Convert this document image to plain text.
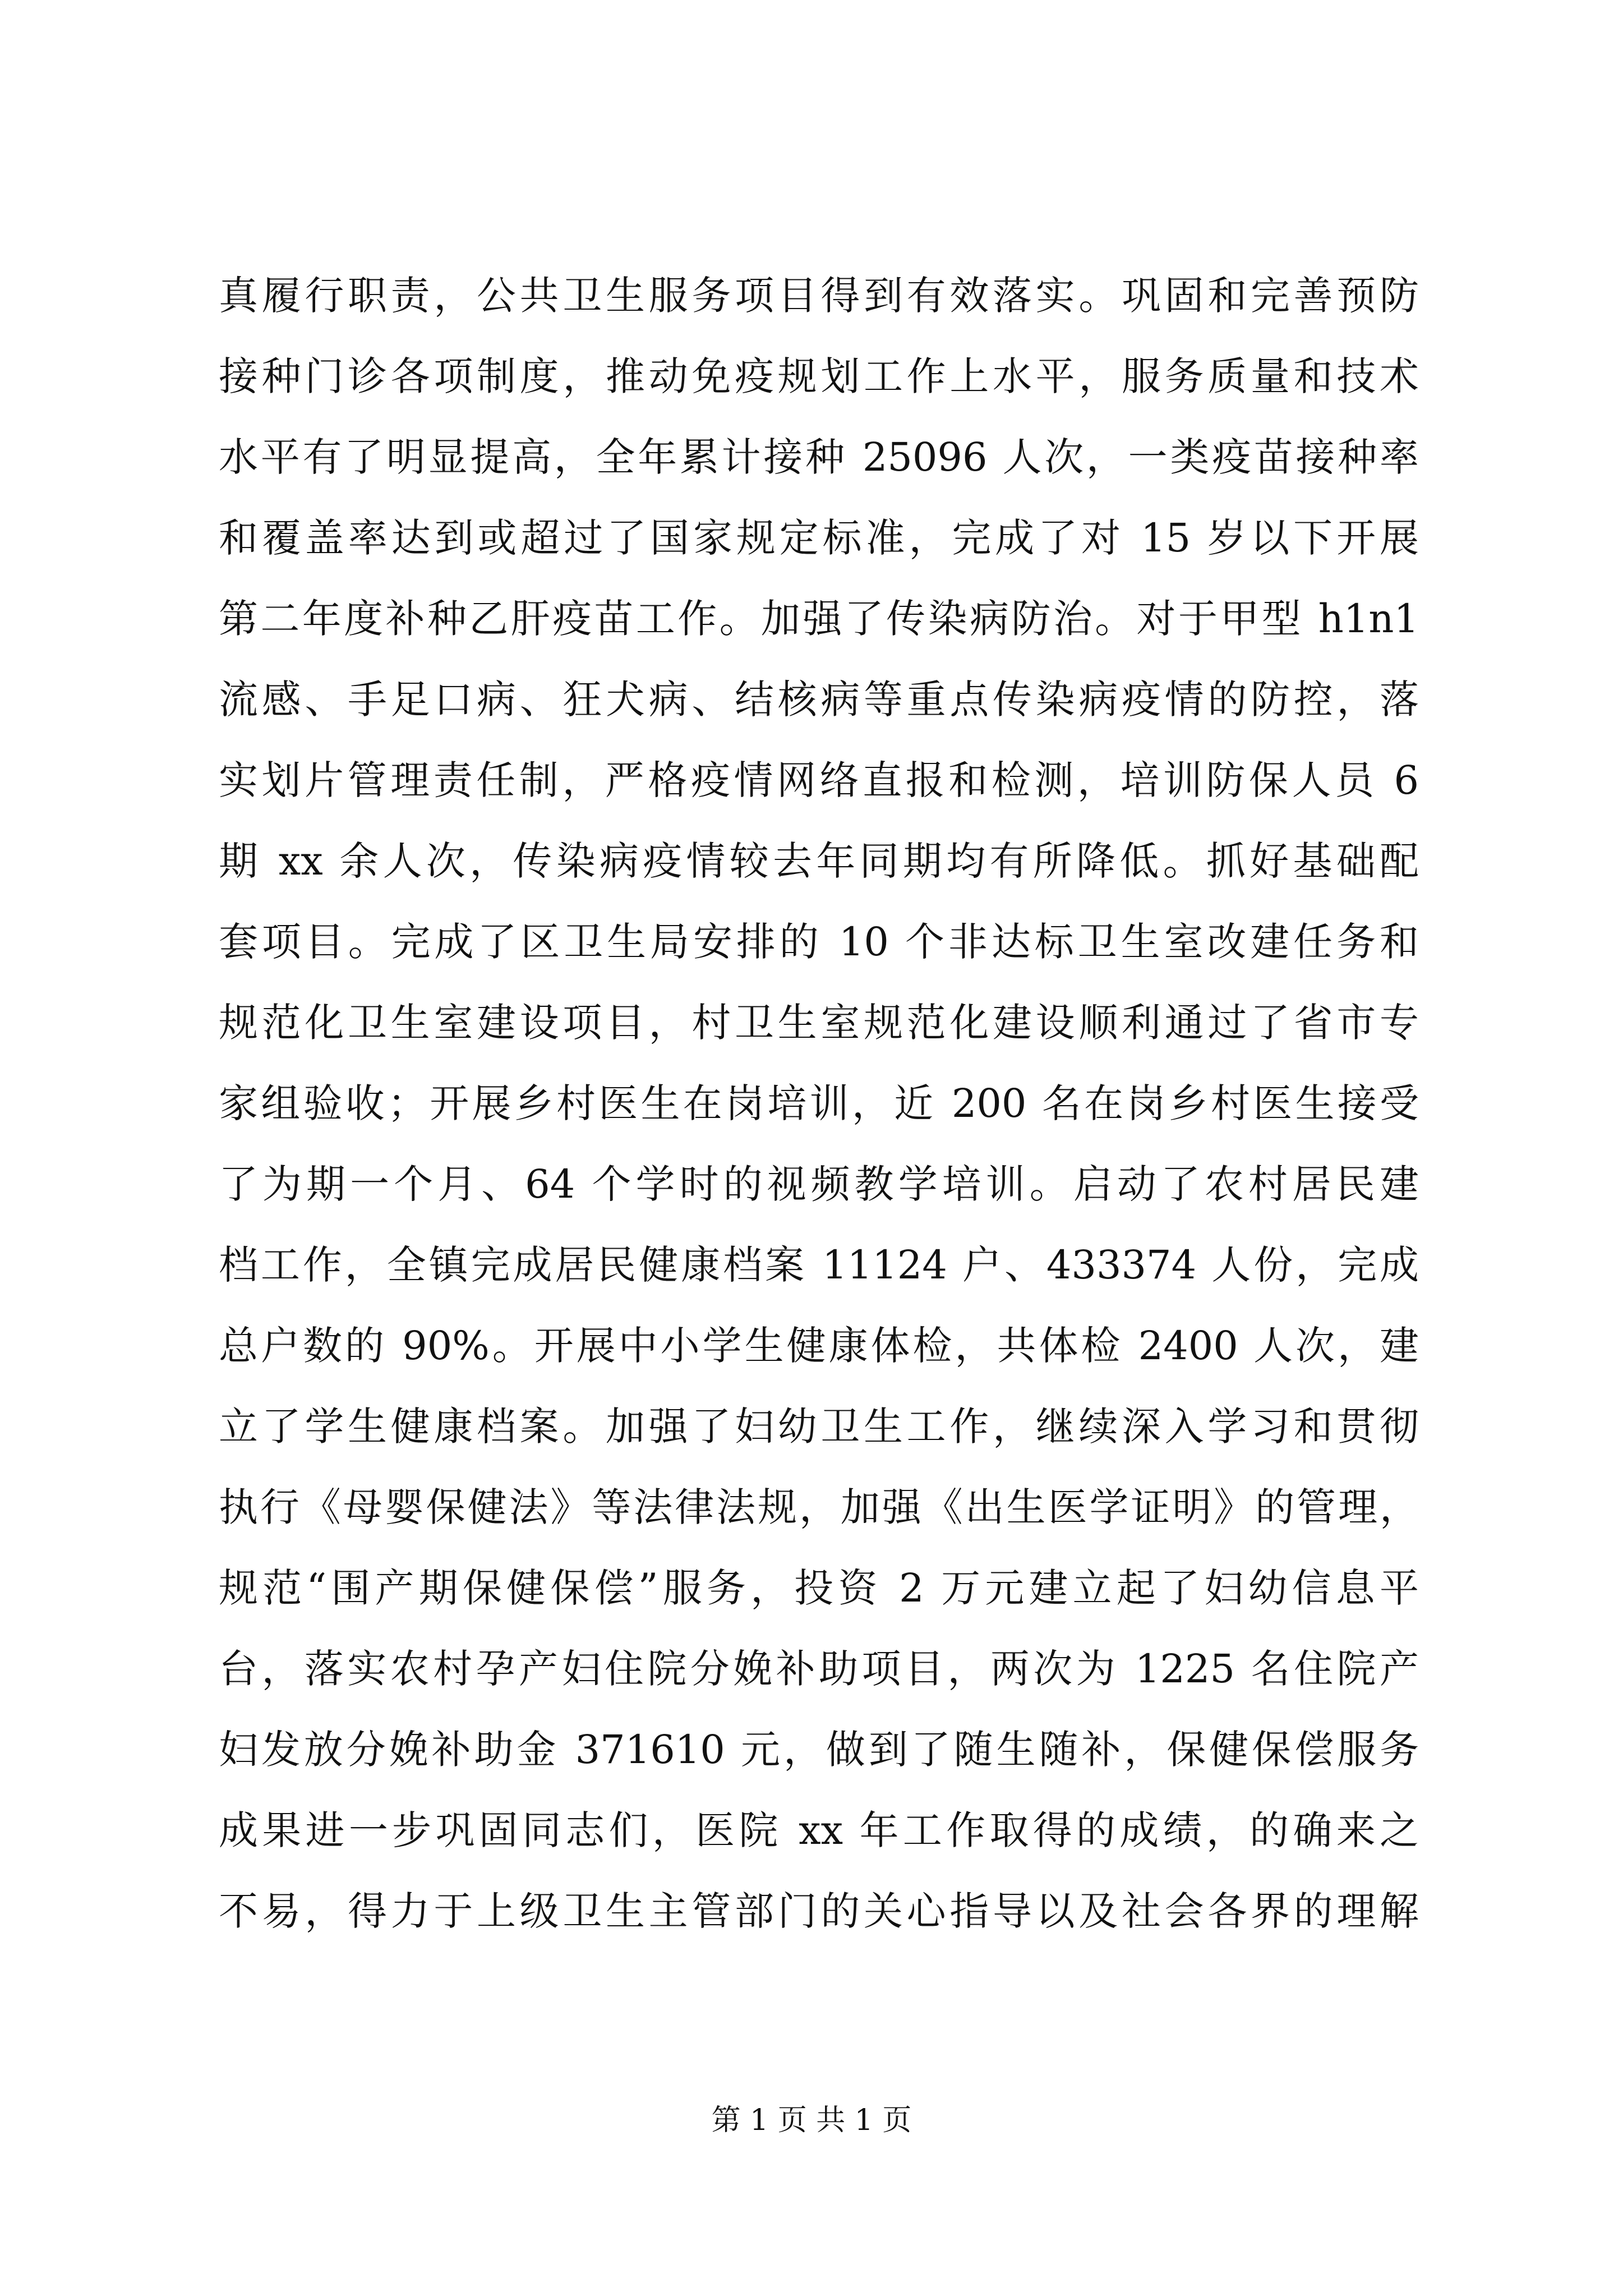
真履行职责，公共卫生服务项目得到有效落实。巩固和完善预防
接种门诊各项制度，推动免疫规划工作上水平，服务质量和技术
水平有了明显提高，全年累计接种 25096 人次，一类疫苗接种率
和覆盖率达到或超过了国家规定标准，完成了对 15 岁以下开展
第二年度补种乙肝疫苗工作。加强了传染病防治。对于甲型 h1n1
流感、手足口病、狂犬病、结核病等重点传染病疫情的防控，落
实划片管理责任制，严格疫情网络直报和检测，培训防保人员 6
期 xx 余人次，传染病疫情较去年同期均有所降低。抓好基础配
套项目。完成了区卫生局安排的 10 个非达标卫生室改建任务和
规范化卫生室建设项目，村卫生室规范化建设顺利通过了省市专
家组验收；开展乡村医生在岗培训，近 200 名在岗乡村医生接受
了为期一个月、64 个学时的视频教学培训。启动了农村居民建
档工作，全镇完成居民健康档案 11124 户、433374 人份，完成
总户数的 90%。开展中小学生健康体检，共体检 2400 人次，建
立了学生健康档案。加强了妇幼卫生工作，继续深入学习和贯彻
执行《母婴保健法》等法律法规，加强《出生医学证明》的管理，
规范“围产期保健保偿”服务，投资 2 万元建立起了妇幼信息平
台，落实农村孕产妇住院分娩补助项目，两次为 1225 名住院产
妇发放分娩补助金 371610 元，做到了随生随补，保健保偿服务
成果进一步巩固同志们，医院 xx 年工作取得的成绩，的确来之
不易，得力于上级卫生主管部门的关心指导以及社会各界的理解
第 1 页 共 1 页
